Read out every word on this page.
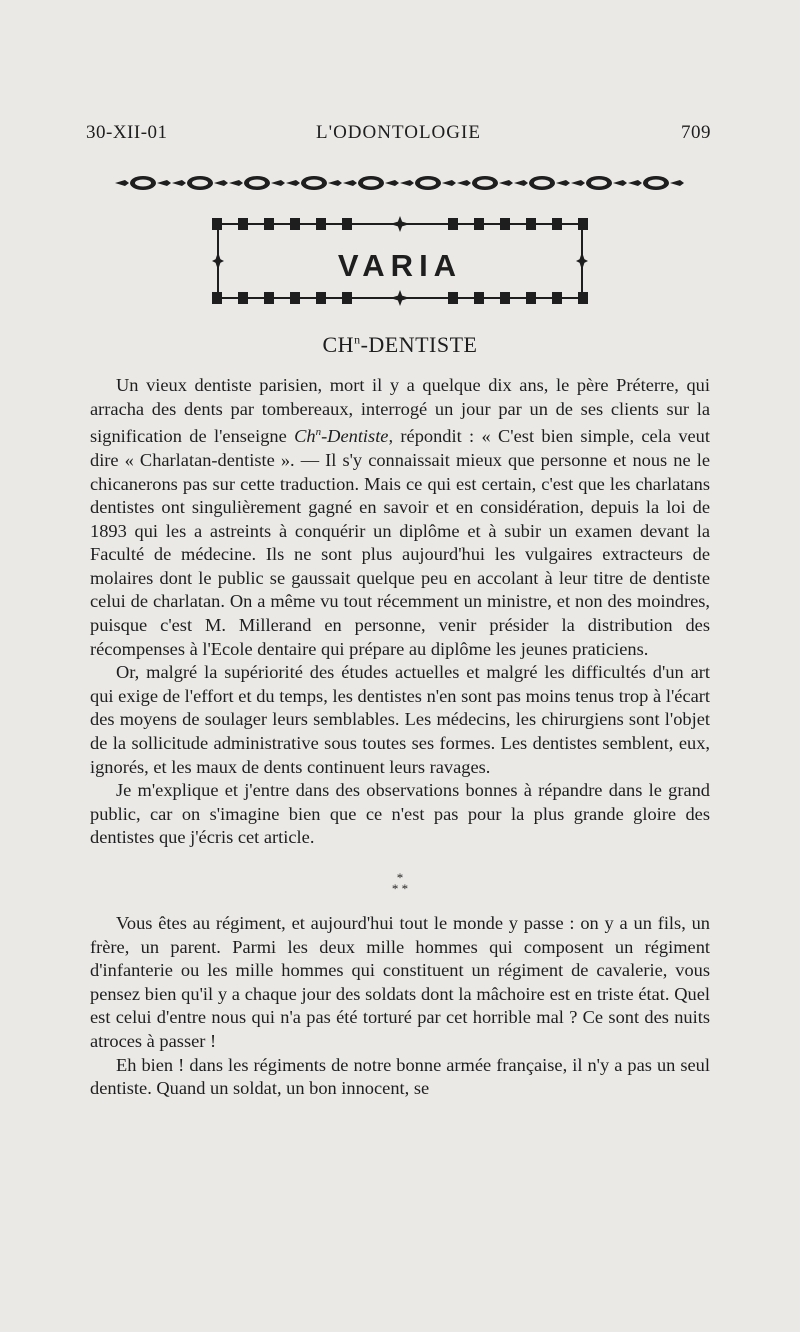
30-XII-01	L'ODONTOLOGIE	709
VARIA
$CH^n$-DENTISTE

Un vieux dentiste parisien, mort il y a quelque dix ans, le père Préterre, qui arracha des dents par tombereaux, interrogé un jour par un de ses clients sur la signification de l'enseigne Ch$^n$-Dentiste, répondit : « C'est bien simple, cela veut dire « Charlatan-dentiste ». — Il s'y connaissait mieux que personne et nous ne le chicanerons pas sur cette traduction. Mais ce qui est certain, c'est que les charlatans dentistes ont singulièrement gagné en savoir et en considération, depuis la loi de 1893 qui les a astreints à conquérir un diplôme et à subir un examen devant la Faculté de médecine. Ils ne sont plus aujourd'hui les vulgaires extracteurs de molaires dont le public se gaussait quelque peu en accolant à leur titre de dentiste celui de charlatan. On a même vu tout récemment un ministre, et non des moindres, puisque c'est M. Millerand en personne, venir présider la distribution des récompenses à l'Ecole dentaire qui prépare au diplôme les jeunes praticiens.

Or, malgré la supériorité des études actuelles et malgré les difficultés d'un art qui exige de l'effort et du temps, les dentistes n'en sont pas moins tenus trop à l'écart des moyens de soulager leurs semblables. Les médecins, les chirurgiens sont l'objet de la sollicitude administrative sous toutes ses formes. Les dentistes semblent, eux, ignorés, et les maux de dents continuent leurs ravages.

Je m'explique et j'entre dans des observations bonnes à répandre dans le grand public, car on s'imagine bien que ce n'est pas pour la plus grande gloire des dentistes que j'écris cet article.

*
* *

Vous êtes au régiment, et aujourd'hui tout le monde y passe : on y a un fils, un frère, un parent. Parmi les deux mille hommes qui composent un régiment d'infanterie ou les mille hommes qui constituent un régiment de cavalerie, vous pensez bien qu'il y a chaque jour des soldats dont la mâchoire est en triste état. Quel est celui d'entre nous qui n'a pas été torturé par cet horrible mal ? Ce sont des nuits atroces à passer !

Eh bien ! dans les régiments de notre bonne armée française, il n'y a pas un seul dentiste. Quand un soldat, un bon innocent, se
